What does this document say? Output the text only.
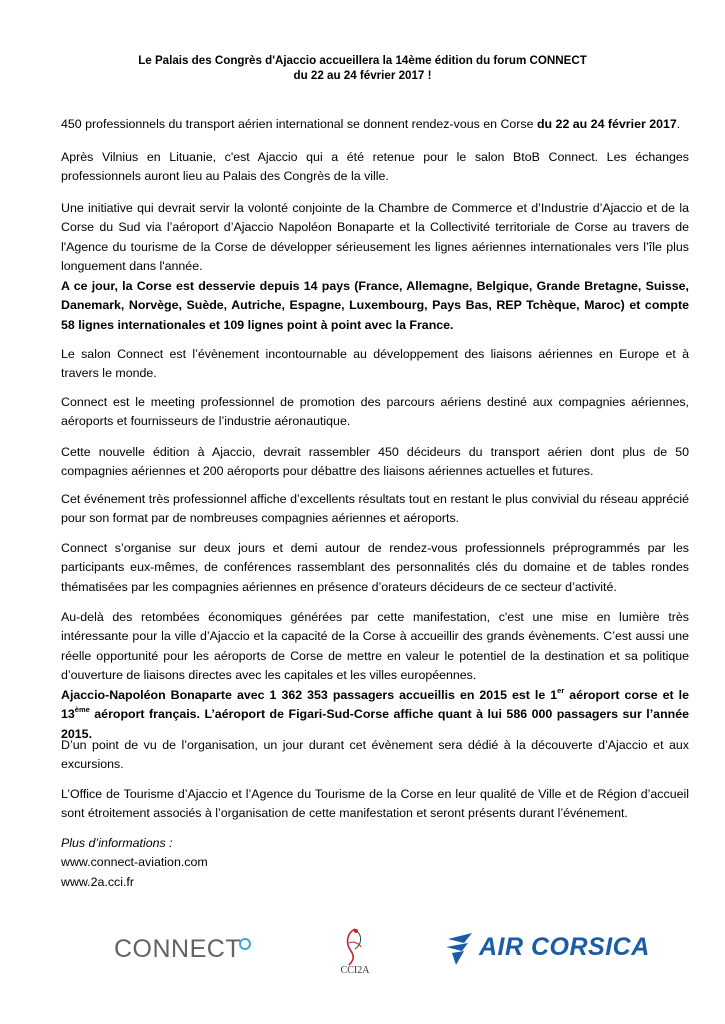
Le Palais des Congrès d'Ajaccio accueillera la 14ème édition du forum CONNECT
du 22 au 24 février 2017 !

450 professionnels du transport aérien international se donnent rendez-vous en Corse du 22 au 24 février 2017.

Après Vilnius en Lituanie, c'est Ajaccio qui a été retenue pour le salon BtoB Connect. Les échanges professionnels auront lieu au Palais des Congrès de la ville.

Une initiative qui devrait servir la volonté conjointe de la Chambre de Commerce et d’Industrie d’Ajaccio et de la Corse du Sud via l’aéroport d’Ajaccio Napoléon Bonaparte et la Collectivité territoriale de Corse au travers de l'Agence du tourisme de la Corse de développer sérieusement les lignes aériennes internationales vers l’île plus longuement dans l'année.

A ce jour, la Corse est desservie depuis 14 pays (France, Allemagne, Belgique, Grande Bretagne, Suisse, Danemark, Norvège, Suède, Autriche, Espagne, Luxembourg, Pays Bas, REP Tchèque, Maroc) et compte 58 lignes internationales et 109 lignes point à point avec la France.

Le salon Connect est l’évènement incontournable au développement des liaisons aériennes en Europe et à travers le monde.

Connect est le meeting professionnel de promotion des parcours aériens destiné aux compagnies aériennes, aéroports et fournisseurs de l’industrie aéronautique.

Cette nouvelle édition à Ajaccio, devrait rassembler 450 décideurs du transport aérien dont plus de 50 compagnies aériennes et 200 aéroports pour débattre des liaisons aériennes actuelles et futures.

Cet événement très professionnel affiche d’excellents résultats tout en restant le plus convivial du réseau apprécié pour son format par de nombreuses compagnies aériennes et aéroports.

Connect s’organise sur deux jours et demi autour de rendez-vous professionnels préprogrammés par les participants eux-mêmes, de conférences rassemblant des personnalités clés du domaine et de tables rondes thématisées par les compagnies aériennes en présence d’orateurs décideurs de ce secteur d’activité.

Au-delà des retombées économiques générées par cette manifestation, c'est une mise en lumière très intéressante pour la ville d’Ajaccio et la capacité de la Corse à accueillir des grands évènements. C’est aussi une réelle opportunité pour les aéroports de Corse de mettre en valeur le potentiel de la destination et sa politique d’ouverture de liaisons directes avec les capitales et les villes européennes.

Ajaccio-Napoléon Bonaparte avec 1 362 353 passagers accueillis en 2015 est le 1er aéroport corse et le 13ème aéroport français. L’aéroport de Figari-Sud-Corse affiche quant à lui 586 000 passagers sur l’année 2015.

D’un point de vu de l’organisation, un jour durant cet évènement sera dédié à la découverte d’Ajaccio et aux excursions.

L’Office de Tourisme d’Ajaccio et l’Agence du Tourisme de la Corse en leur qualité de Ville et de Région d’accueil sont étroitement associés à l’organisation de cette manifestation et seront présents durant l’événement.

Plus d’informations :
www.connect-aviation.com
www.2a.cci.fr

CONNECT
CCI2A
AIR CORSICA
